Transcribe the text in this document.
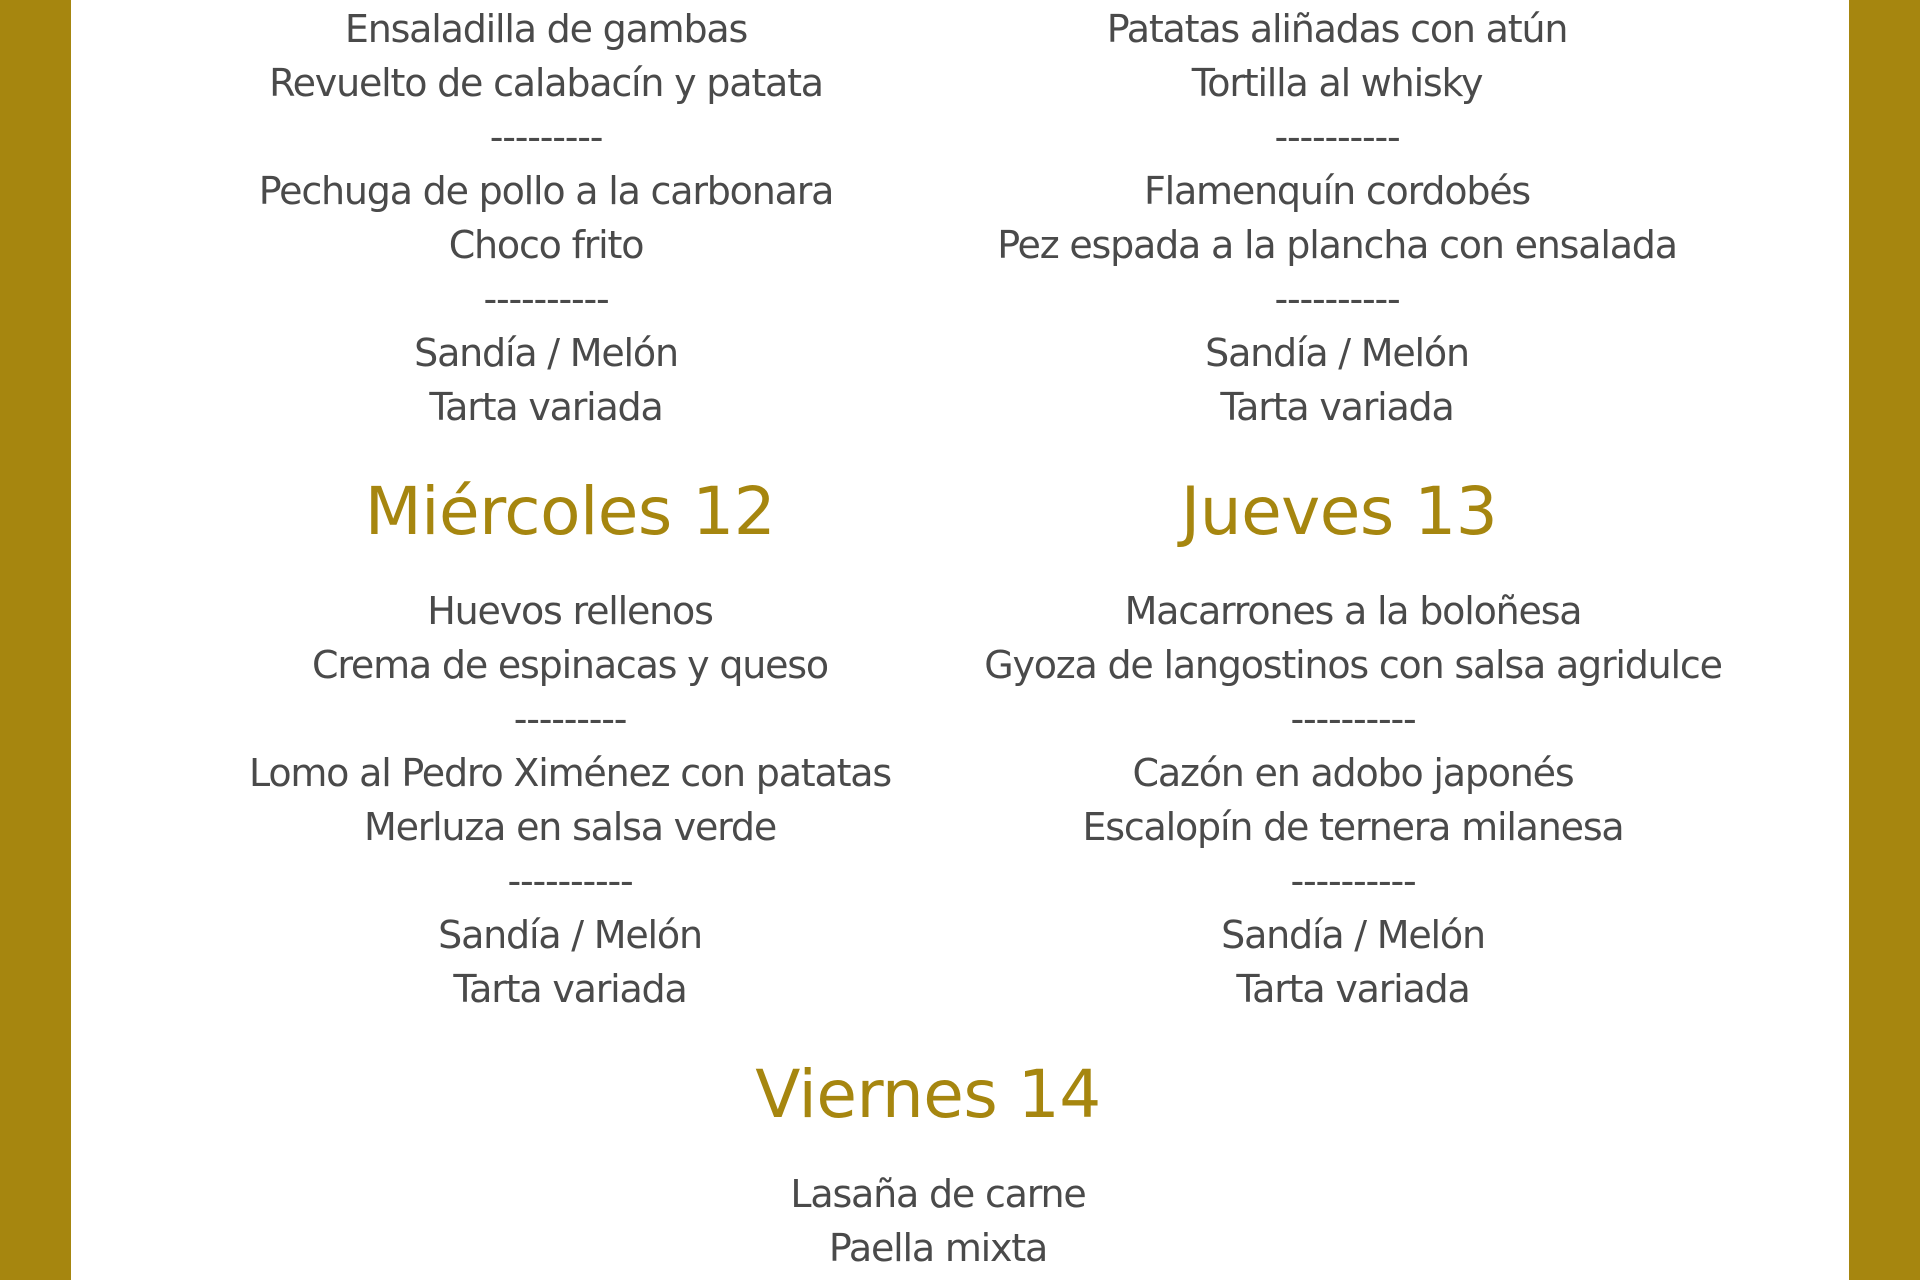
Ensaladilla de gambas
Revuelto de calabacín y patata
---------
Pechuga de pollo a la carbonara
Choco frito
----------
Sandía / Melón
Tarta variada
Patatas aliñadas con atún
Tortilla al whisky
----------
Flamenquín cordobés
Pez espada a la plancha con ensalada
----------
Sandía / Melón
Tarta variada
Miércoles 12
Huevos rellenos
Crema de espinacas y queso
---------
Lomo al Pedro Ximénez con patatas
Merluza en salsa verde
----------
Sandía / Melón
Tarta variada
Jueves 13
Macarrones a la boloñesa
Gyoza de langostinos con salsa agridulce
----------
Cazón en adobo japonés
Escalopín de ternera milanesa
----------
Sandía / Melón
Tarta variada
Viernes 14
Lasaña de carne
Paella mixta
